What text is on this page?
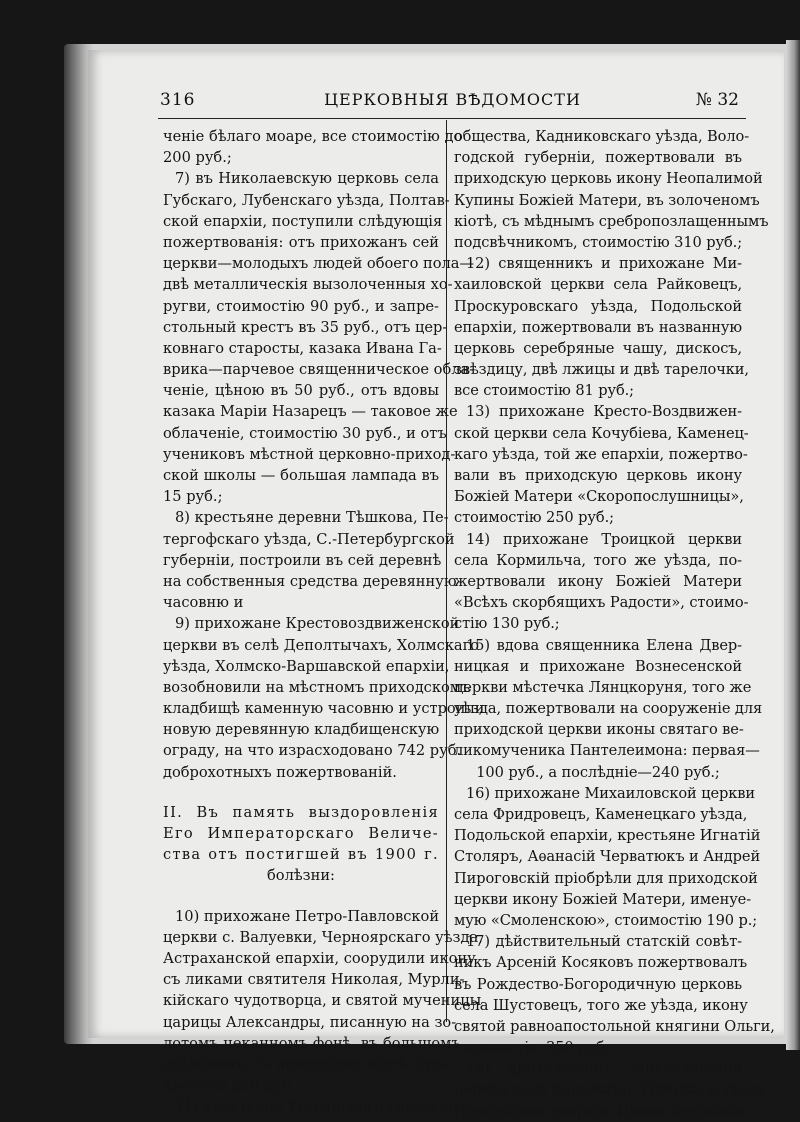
316	ЦЕРКОВНЫЯ ВѢДОМОСТИ	№ 32
ченіе бѣлаго моаре, все стоимостію до
200 руб.;
7) въ Николаевскую церковь села
Губскаго, Лубенскаго уѣзда, Полтав-
ской епархіи, поступили слѣдующія
пожертвованія: отъ прихожанъ сей
церкви—молодыхъ людей обоего пола—
двѣ металлическія вызолоченныя хо-
ругви, стоимостію 90 руб., и запре-
стольный крестъ въ 35 руб., отъ цер-
ковнаго старосты, казака Ивана Га-
врика—парчевое священническое обла-
ченіе, цѣною въ 50 руб., отъ вдовы
казака Маріи Назарецъ — таковое же
облаченіе, стоимостію 30 руб., и отъ
учениковъ мѣстной церковно-приход-
ской школы — большая лампада въ
15 руб.;
8) крестьяне деревни Тѣшкова, Пе-
тергофскаго уѣзда, С.-Петербургской
губерніи, построили въ сей деревнѣ
на собственныя средства деревянную
часовню и
9) прихожане Крестовоздвиженской
церкви въ селѣ Деполтычахъ, Холмскаго
уѣзда, Холмско-Варшавской епархіи,
возобновили на мѣстномъ приходскомъ
кладбищѣ каменную часовню и устроили
новую деревянную кладбищенскую
ограду, на что израсходовано 742 руб.
доброхотныхъ пожертвованій.
II. Въ память выздоровленія
Его Императорскаго Величе-
ства отъ постигшей въ 1900 г.
болѣзни:
10) прихожане Петро-Павловской
церкви с. Валуевки, Черноярскаго уѣзда,
Астраханской епархіи, соорудили икону
съ ликами святителя Николая, Мурли-
кійскаго чудотворца, и святой мученицы
царицы Александры, писанную на зо-
лотомъ чеканномъ фонѣ, въ большомъ
орѣховомъ, съ позолотою, кіотѣ, сто-
имостію 350 руб.;
11) крестьяне Устьянскаго сельскаго
общества, Кадниковскаго уѣзда, Воло-
годской губерніи, пожертвовали въ
приходскую церковь икону Неопалимой
Купины Божіей Матери, въ золоченомъ
кіотѣ, съ мѣднымъ сребропозлащеннымъ
подсвѣчникомъ, стоимостію 310 руб.;
12) священникъ и прихожане Ми-
хаиловской церкви села Райковецъ,
Проскуровскаго уѣзда, Подольской
епархіи, пожертвовали въ названную
церковь серебряные чашу, дискосъ,
звѣздицу, двѣ лжицы и двѣ тарелочки,
все стоимостію 81 руб.;
13) прихожане Кресто-Воздвижен-
ской церкви села Кочубіева, Каменец-
каго уѣзда, той же епархіи, пожертво-
вали въ приходскую церковь икону
Божіей Матери «Скоропослушницы»,
стоимостію 250 руб.;
14) прихожане Троицкой церкви
села Кормильча, того же уѣзда, по-
жертвовали икону Божіей Матери
«Всѣхъ скорбящихъ Радости», стоимо-
стію 130 руб.;
15) вдова священника Елена Двер-
ницкая и прихожане Вознесенской
церкви мѣстечка Лянцкоруня, того же
уѣзда, пожертвовали на сооруженіе для
приходской церкви иконы святаго ве-
ликомученика Пантелеимона: первая—
100 руб., а послѣдніе—240 руб.;
16) прихожане Михаиловской церкви
села Фридровецъ, Каменецкаго уѣзда,
Подольской епархіи, крестьяне Игнатій
Столяръ, Аѳанасій Черватюкъ и Андрей
Пироговскій пріобрѣли для приходской
церкви икону Божіей Матери, именуе-
мую «Смоленскою», стоимостію 190 р.;
17) дѣйствительный статскій совѣт-
никъ Арсеній Косяковъ пожертвовалъ
въ Рождество-Богородичную церковь
села Шустовецъ, того же уѣзда, икону
святой равноапостольной княгини Ольги,
стоимостію 350 руб.;
18) прихожанинъ Михаиловской
церкви села Карижина, Ушицкаго уѣзда,
Подольской епархіи, Иванъ Безпалько
